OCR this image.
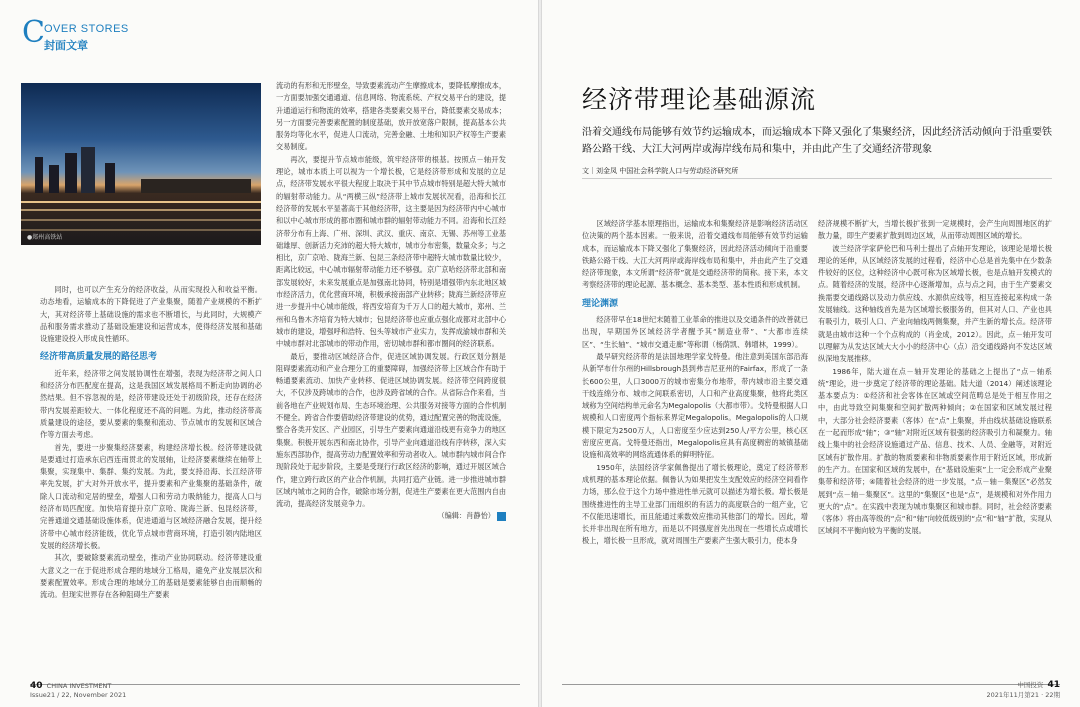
C OVER STORES
封面文章
●郑州高铁站

同时，也可以产生充分的经济收益，从而实现投入和收益平衡。动态地看，运输成本的下降促进了产业集聚，随着产业规模的不断扩大，其对经济带上基础设施的需求也不断增长，与此同时，大规模产品和服务需求推动了基础设施建设和运营成本，使得经济发展和基础设施建设投入形成良性循环。

经济带高质量发展的路径思考

近年来，经济带之间发展协调性在增强，表现为经济带之间人口和经济分布匹配度在提高，这是我国区域发展格局不断走向协调的必然结果。但不容忽视的是，经济带建设还处于初级阶段，还存在经济带内发展差距较大、一体化程度还不高的问题。为此，推动经济带高质量建设的途径，要从要素的集聚和流动、节点城市的发展和区域合作等方面去考虑。

首先，要进一步聚集经济要素，构建经济增长极。经济带建设就是要通过打造承东启西连南贯北的发展轴，让经济要素继续在轴带上集聚，实现集中、集群、集约发展。为此，要支持沿海、长江经济带率先发展，扩大对外开放水平，提升要素和产业集聚的基础条件，破除人口流动和定居的壁垒，增强人口和劳动力吸纳能力，提高人口与经济布局匹配度。加快培育提升京广京哈、陇海兰新、包昆经济带，完善通道交通基础设施体系，促进通道与区域经济融合发展，提升经济带中心城市经济能级，优化节点城市营商环境，打造引领内陆地区发展的经济增长极。

其次，要破除要素流动壁垒，推动产业协同联动。经济带建设重大意义之一在于促进形成合理的地域分工格局，避免产业发展层次和要素配置效率。形成合理的地域分工的基础是要素能够自由而顺畅的流动。但现实世界存在各种阻碍生产要素

流动的有形和无形壁垒，导致要素流动产生摩擦成本，要降低摩擦成本，一方面要加强交通通道、信息网络、物流系统、产权交易平台的建设，提升通道运行和物流的效率，搭建各类要素交易平台，降低要素交易成本；另一方面要完善要素配置的制度基础，放开放宽落户限制，提高基本公共服务均等化水平，促进人口流动，完善金融、土地和知识产权等生产要素交易制度。

再次，要提升节点城市能级，筑牢经济带的根基。按照点－轴开发理论，城市本质上可以视为一个增长极，它是经济带形成和发展的立足点，经济带发展水平很大程度上取决于其中节点城市特别是超大特大城市的辐射带动能力。从“两横三纵”经济带上城市发展状况看，沿海和长江经济带的发展水平显著高于其他经济带，这主要是因为经济带内中心城市和以中心城市形成的都市圈和城市群的辐射带动能力不同。沿海和长江经济带分布有上海、广州、深圳、武汉、重庆、南京、无锡、苏州等工业基础雄厚、创新活力充沛的超大特大城市，城市分布密集，数量众多；与之相比，京广京哈、陇海兰新、包昆三条经济带中超特大城市数量比较少，距离比较远，中心城市辐射带动能力还不够强。京广京哈经济带北部和南部发展较好，未来发展重点是加强南北协同，特别是增强带内东北地区城市经济活力，优化营商环境，积极承接南部产业转移；陇海兰新经济带应进一步提升中心城市能级，将西安培育为千万人口的超大城市，郑州、兰州和乌鲁木齐培育为特大城市；包昆经济带也应重点强化成都对北部中心城市的建设，增强呼和浩特、包头等城市产业实力，发挥成渝城市群和关中城市群对北部城市的带动作用，密切城市群和都市圈间的经济联系。

最后，要推动区域经济合作，促进区域协调发展。行政区划分割是阻碍要素流动和产业合理分工的重要障碍，加强经济带上区域合作有助于畅通要素流动、加快产业转移、促进区域协调发展。经济带空间跨度很大，不仅涉及跨城市的合作，也涉及跨省域的合作。从省际合作来看，当前各地在产业规划布局、生态环境治理、公共服务对接等方面的合作机制不健全。跨省合作要借助经济带建设的优势，通过配置完善的物流设施，整合各类开发区、产业园区，引导生产要素向通道沿线更有竞争力的地区集聚。积极开展东西和南北协作，引导产业向通道沿线有序转移，深入实施东西部协作，提高劳动力配置效率和劳动者收入。城市群内城市间合作现阶段处于起步阶段，主要是受现行行政区经济的影响，通过开展区域合作，建立跨行政区的产业合作机制，共同打造产业链。进一步推进城市群区域内城市之间的合作，破除市场分割，促进生产要素在更大范围内自由流动，提高经济发展竞争力。

（编辑：肖静怡）

40 CHINA INVESTMENT
Issue21 / 22, November 2021
经济带理论基础源流
沿着交通线布局能够有效节约运输成本，而运输成本下降又强化了集聚经济，因此经济活动倾向于沿重要铁路公路干线、大江大河两岸或海岸线布局和集中，并由此产生了交通经济带现象
文｜刘金凤 中国社会科学院人口与劳动经济研究所

区域经济学基本原理指出，运输成本和集聚经济是影响经济活动区位决策的两个基本因素。一般来说，沿着交通线布局能够有效节约运输成本，而运输成本下降又强化了集聚经济，因此经济活动倾向于沿重要铁路公路干线、大江大河两岸或海岸线布局和集中，并由此产生了交通经济带现象，本文所谓“经济带”就是交通经济带的简称。接下来，本文考察经济带的理论起源、基本概念、基本类型、基本性质和形成机制。

理论渊源

经济带早在18世纪末随着工业革命的推进以及交通条件的改善就已出现，早期国外区域经济学者醒予其“制造业带”、“大都市连续区”、“生长轴”、“城市交通走廊”等称谓（杨荫凯、韩增林，1999）。

最早研究经济带的是法国地理学家戈特曼。他注意到美国东部沿海从新罕布什尔州的Hillsbrough县到弗吉尼亚州的Fairfax，形成了一条长600公里，人口3000万的城市密集分布地带，带内城市沿主要交通干线连绵分布、城市之间联系密切，人口和产业高度集聚，他将此类区域称为空间结构单元命名为Megalopolis（大都市带）。戈特曼根据人口规模和人口密度两个指标来界定Megalopolis。Megalopolis的人口规模下限定为2500万人，人口密度至少应达到250人/平方公里，核心区密度应更高。戈特曼还指出，Megalopolis应具有高度稠密的城镇基础设施和高效率的网络流通体系的鲜明特征。

1950年，法国经济学家佩鲁提出了增长极理论，奠定了经济带形成机理的基本理论依据。佩鲁认为如果把发生支配效应的经济空间看作力场，那么位于这个力场中推进性单元就可以描述为增长极。增长极是围绕推进性的主导工业部门而组织的有活力的高度联合的一组产业，它不仅能迅速增长，而且能通过乘数效应推动其他部门的增长。因此，增长并非出现在所有地方，而是以不同强度首先出现在一些增长点或增长极上，增长极一旦形成，就对周围生产要素产生强大吸引力，使本身

经济规模不断扩大，当增长极扩张到一定规模时，会产生向周围地区的扩散力量，即生产要素扩散到周边区域，从而带动周围区域的增长。

波兰经济学家萨伦巴和马利士提出了点轴开发理论，该理论是增长极理论的延伸，从区域经济发展的过程看，经济中心总是首先集中在少数条件较好的区位，这种经济中心既可称为区域增长极，也是点轴开发模式的点。随着经济的发展，经济中心逐渐增加，点与点之间，由于生产要素交换需要交通线路以及动力供应线、水源供应线等，相互连接起来构成一条发展轴线。这种轴线首先是为区域增长极服务的，但其对人口、产业也具有吸引力，吸引人口、产业向轴线两侧集聚，并产生新的增长点。经济带就是由城市这种一个个点构成的（肖金成，2012）。因此，点－轴开发可以理解为从发达区域大大小小的经济中心（点）沿交通线路向不发达区域纵深地发展推移。

1986年，陆大道在点－轴开发理论的基础之上提出了“点－轴系统”理论，进一步奠定了经济带的理论基础。陆大道（2014）阐述该理论基本要点为：①经济和社会客体在区域或空间范畴总是处于相互作用之中，由此导致空间集聚和空间扩散两种倾向；②在国家和区域发展过程中，大部分社会经济要素（客体）在“点”上集聚，并由线状基础设施联系在一起而形成“轴”；③“轴”对附近区域有很强的经济吸引力和凝聚力。轴线上集中的社会经济设施通过产品、信息、技术、人员、金融等，对附近区域有扩散作用。扩散的物质要素和非物质要素作用于附近区域，形成新的生产力。在国家和区域的发展中，在“基础设施束”上一定会形成产业聚集带和经济带；④随着社会经济的进一步发展，“点－轴－集聚区”必然发展到“点－轴－集聚区”。这里的“集聚区”也是“点”，是规模和对外作用力更大的“点”。在实践中表现为城市集聚区和城市群。同时，社会经济要素（客体）将由高等级的“点”和“轴”向较低级别的“点”和“轴”扩散，实现从区域间不平衡向较为平衡的发展。

中国投资 41
2021年11月第21 · 22期
